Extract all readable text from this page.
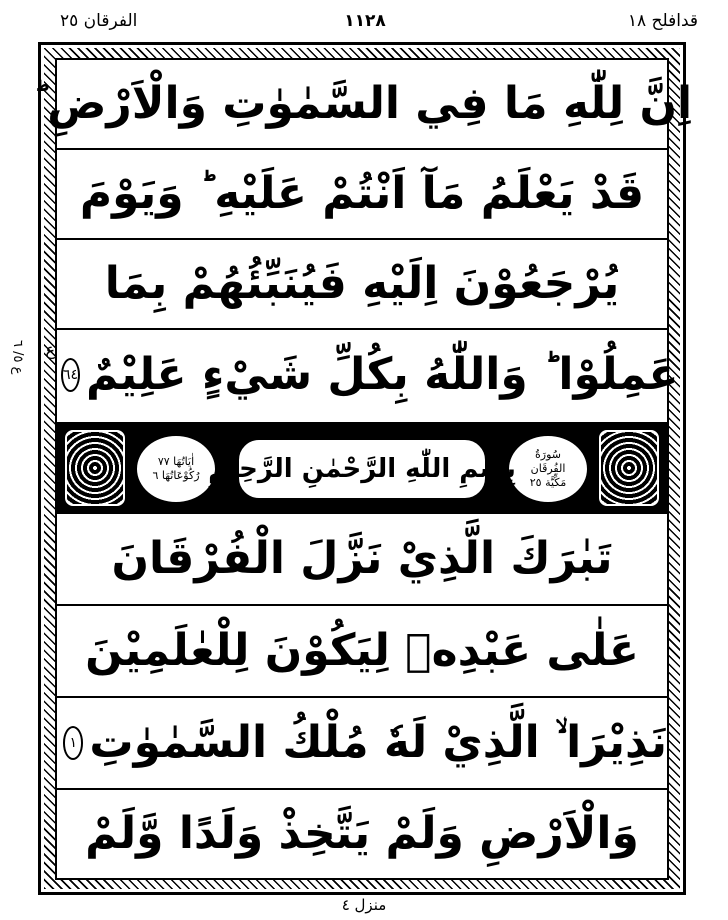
الفرقان ٢٥	١١٢٨	قدافلح ١٨
ع ٥/ ٦
اِنَّ لِلّٰهِ مَا فِي السَّمٰوٰتِ وَالْاَرْضِ ؕ
قَدْ يَعْلَمُ مَآ اَنْتُمْ عَلَيْهِ ؕ وَيَوْمَ
يُرْجَعُوْنَ اِلَيْهِ فَيُنَبِّئُهُمْ بِمَا
عَمِلُوْا ؕ وَاللّٰهُ بِكُلِّ شَيْءٍ عَلِيْمٌ
٦٤
ع
سُورَةُ
الفُرقَان
مَكِّيَّة ٢٥
اٰيَاتُهَا ٧٧
رُكُوْعَاتُهَا ٦ بِسْمِ اللّٰهِ الرَّحْمٰنِ الرَّحِيْمِ
تَبٰرَكَ الَّذِيْ نَزَّلَ الْفُرْقَانَ
عَلٰى عَبْدِهٖ لِيَكُوْنَ لِلْعٰلَمِيْنَ
نَذِيْرَا ۙ الَّذِيْ لَهٗ مُلْكُ السَّمٰوٰتِ
١
وَالْاَرْضِ وَلَمْ يَتَّخِذْ وَلَدًا وَّلَمْ
منزل ٤
